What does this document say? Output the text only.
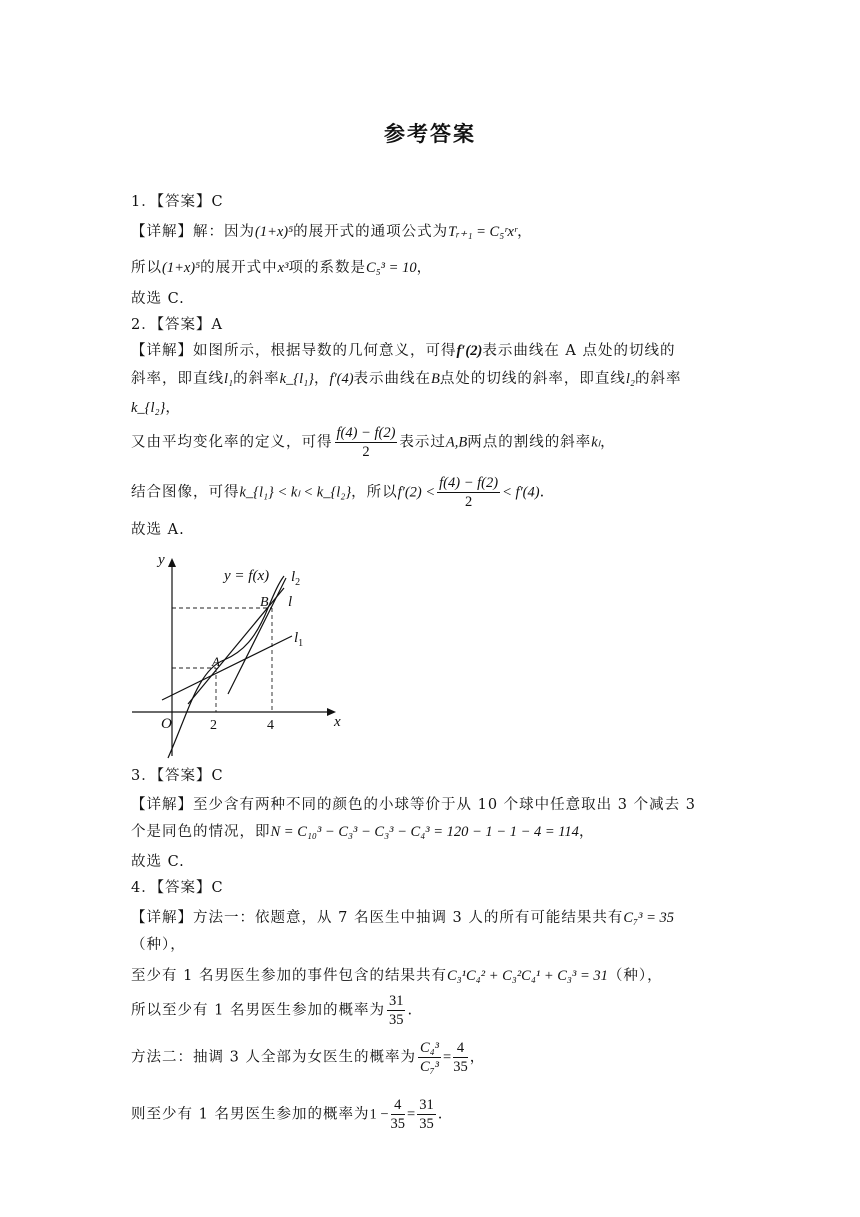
参考答案
1．【答案】C
【详解】解：因为(1+x)⁵的展开式的通项公式为Tᵣ₊₁ = C₅ʳxʳ，
所以(1+x)⁵的展开式中x³项的系数是C₅³ = 10，
故选 C.
2．【答案】A
【详解】如图所示，根据导数的几何意义，可得f′(2)表示曲线在 A 点处的切线的
斜率，即直线l₁的斜率k_{l₁}，f′(4)表示曲线在B点处的切线的斜率，即直线l₂的斜率
k_{l₂}，
又由平均变化率的定义，可得 $\frac{f(4) - f(2)}{2}$ 表示过A,B两点的割线的斜率kₗ，
结合图像，可得k_{l₁} < kₗ < k_{l₂}，所以$f'(2) < \frac{f(4) - f(2)}{2} < f'(4)$.
故选 A.
y
x
O
y = f(x) $l_2$
l
$l_1$
A
B
2	4
3．【答案】C
【详解】至少含有两种不同的颜色的小球等价于从 10 个球中任意取出 3 个减去 3
个是同色的情况，即N = C₁₀³ − C₃³ − C₃³ − C₄³ = 120 − 1 − 1 − 4 = 114，
故选 C.
4．【答案】C
【详解】方法一：依题意，从 7 名医生中抽调 3 人的所有可能结果共有C₇³ = 35
（种），
至少有 1 名男医生参加的事件包含的结果共有C₃¹C₄² + C₃²C₄¹ + C₃³ = 31（种），
所以至少有 1 名男医生参加的概率为 $\frac{31}{35}$ .
方法二：抽调 3 人全部为女医生的概率为 $\frac{\text{C₄³}}{\text{C₇³}} = \frac{4}{35}$ ，
则至少有 1 名男医生参加的概率为$1 - \frac{4}{35} = \frac{31}{35}$ .
